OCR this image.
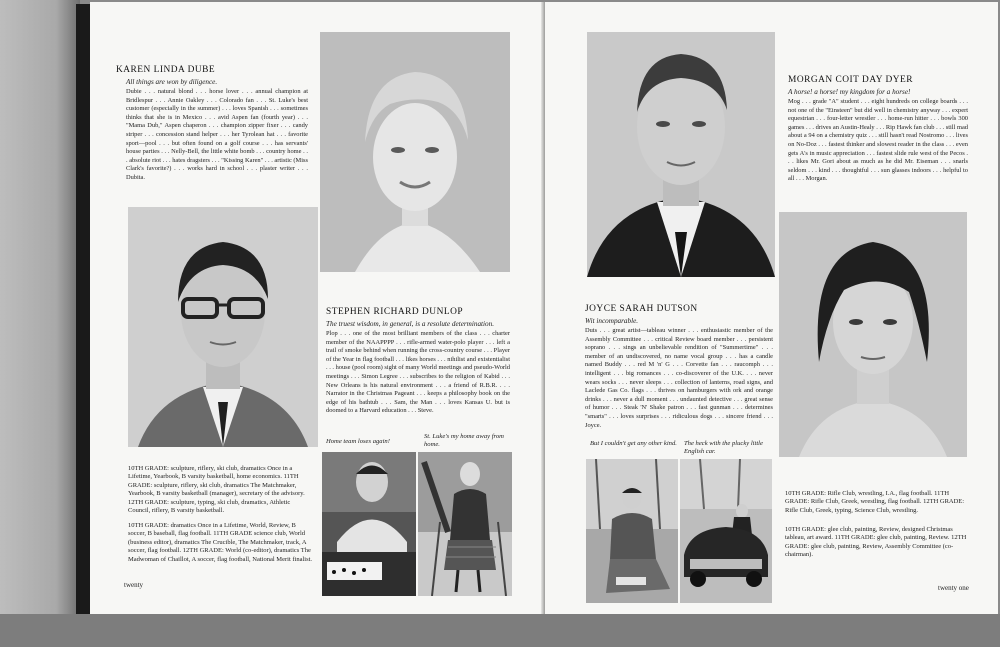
KAREN LINDA DUBE
All things are won by diligence.

Dubie . . . natural blond . . . horse lover . . . annual champion at Bridlespur . . . Annie Oakley . . . Colorado fan . . . St. Luke's best customer (especially in the summer) . . . loves Spanish . . . sometimes thinks that she is in Mexico . . . avid Aspen fan (fourth year) . . . "Mama Dub," Aspen chaperon . . . champion zipper fixer . . . candy striper . . . concession stand helper . . . her Tyrolean hat . . . favorite sport—pool . . . but often found on a golf course . . . has servants' house parties . . . Nelly-Bell, the little white bomb . . . country home . . . absolute riot . . . hates dragsters . . . "Kissing Karen" . . . artistic (Miss Clark's favorite?) . . . works hard in school . . . plaster writer . . . Dubita.

STEPHEN RICHARD DUNLOP
The truest wisdom, in general, is a resolute determination.

Plop . . . one of the most brilliant members of the class . . . charter member of the NAAPPPP . . . rifle-armed water-polo player . . . left a trail of smoke behind when running the cross-country course . . . Player of the Year in flag football . . . likes horses . . . nihilist and existentialist . . . house (pool room) sight of many World meetings and pseudo-World meetings . . . Simon Legree . . . subscribes to the religion of Kabid . . . New Orleans is his natural environment . . . a friend of R.B.R. . . . Narrator in the Christmas Pageant . . . keeps a philosophy book on the edge of his bathtub . . . Sam, the Man . . . loves Kansas U. but is doomed to a Harvard education . . . Steve.

Home team loses again!
St. Luke's my home away from home.

10TH GRADE: sculpture, riflery, ski club, dramatics Once in a Lifetime, Yearbook, B varsity basketball, home economics. 11TH GRADE: sculpture, riflery, ski club, dramatics The Matchmaker, Yearbook, B varsity basketball (manager), secretary of the advisory. 12TH GRADE: sculpture, typing, ski club, dramatics, Athletic Council, riflery, B varsity basketball.

10TH GRADE: dramatics Once in a Lifetime, World, Review, B soccer, B baseball, flag football. 11TH GRADE science club, World (business editor), dramatics The Crucible, The Matchmaker, track, A soccer, flag football. 12TH GRADE: World (co-editor), dramatics The Madwoman of Chaillot, A soccer, flag football, National Merit finalist.

twenty
MORGAN COIT DAY DYER
A horse! a horse! my kingdom for a horse!

Mog . . . grade "A" student . . . eight hundreds on college boards . . . not one of the "Einsteen" but did well in chemistry anyway . . . expert equestrian . . . four-letter wrestler . . . home-run hitter . . . bowls 300 games . . . drives an Austin-Healy . . . Rip Hawk fan club . . . still mad about a 94 on a chemistry quiz . . . still hasn't read Nostromo . . . lives on No-Doz . . . fastest thinker and slowest reader in the class . . . even gets A's in music appreciation . . . fastest slide rule west of the Pecos . . . likes Mr. Gori about as much as he did Mr. Eiseman . . . snarls seldom . . . kind . . . thoughtful . . . sun glasses indoors . . . helpful to all . . . Morgan.

JOYCE SARAH DUTSON
Wit incomparable.

Duts . . . great artist—tableau winner . . . enthusiastic member of the Assembly Committee . . . critical Review board member . . . persistent soprano . . . sings an unbelievable rendition of "Summertime" . . . member of an undiscovered, no name vocal group . . . has a candle named Buddy . . . red M 'n' G . . . Corvette fan . . . raucomph . . . intelligent . . . big romances . . . co-discoverer of the U.K. . . . never wears socks . . . never sleeps . . . collection of lanterns, road signs, and Laclede Gas Co. flags . . . thrives on hamburgers with ork and orange drinks . . . never a dull moment . . . undaunted detective . . . great sense of humor . . . Steak 'N' Shake patron . . . fast gunman . . . determines "smarts" . . . loves surprises . . . ridiculous dogs . . . sincere friend . . . Joyce.

But I couldn't get any other kind. The heck with the plucky little English car.

10TH GRADE: Rifle Club, wrestling, I.A., flag football. 11TH GRADE: Rifle Club, Greek, wrestling, flag football. 12TH GRADE: Rifle Club, Greek, typing, Science Club, wrestling.

10TH GRADE: glee club, painting, Review, designed Christmas tableau, art award. 11TH GRADE: glee club, painting, Review. 12TH GRADE: glee club, painting, Review, Assembly Committee (co-chairman).

twenty one
